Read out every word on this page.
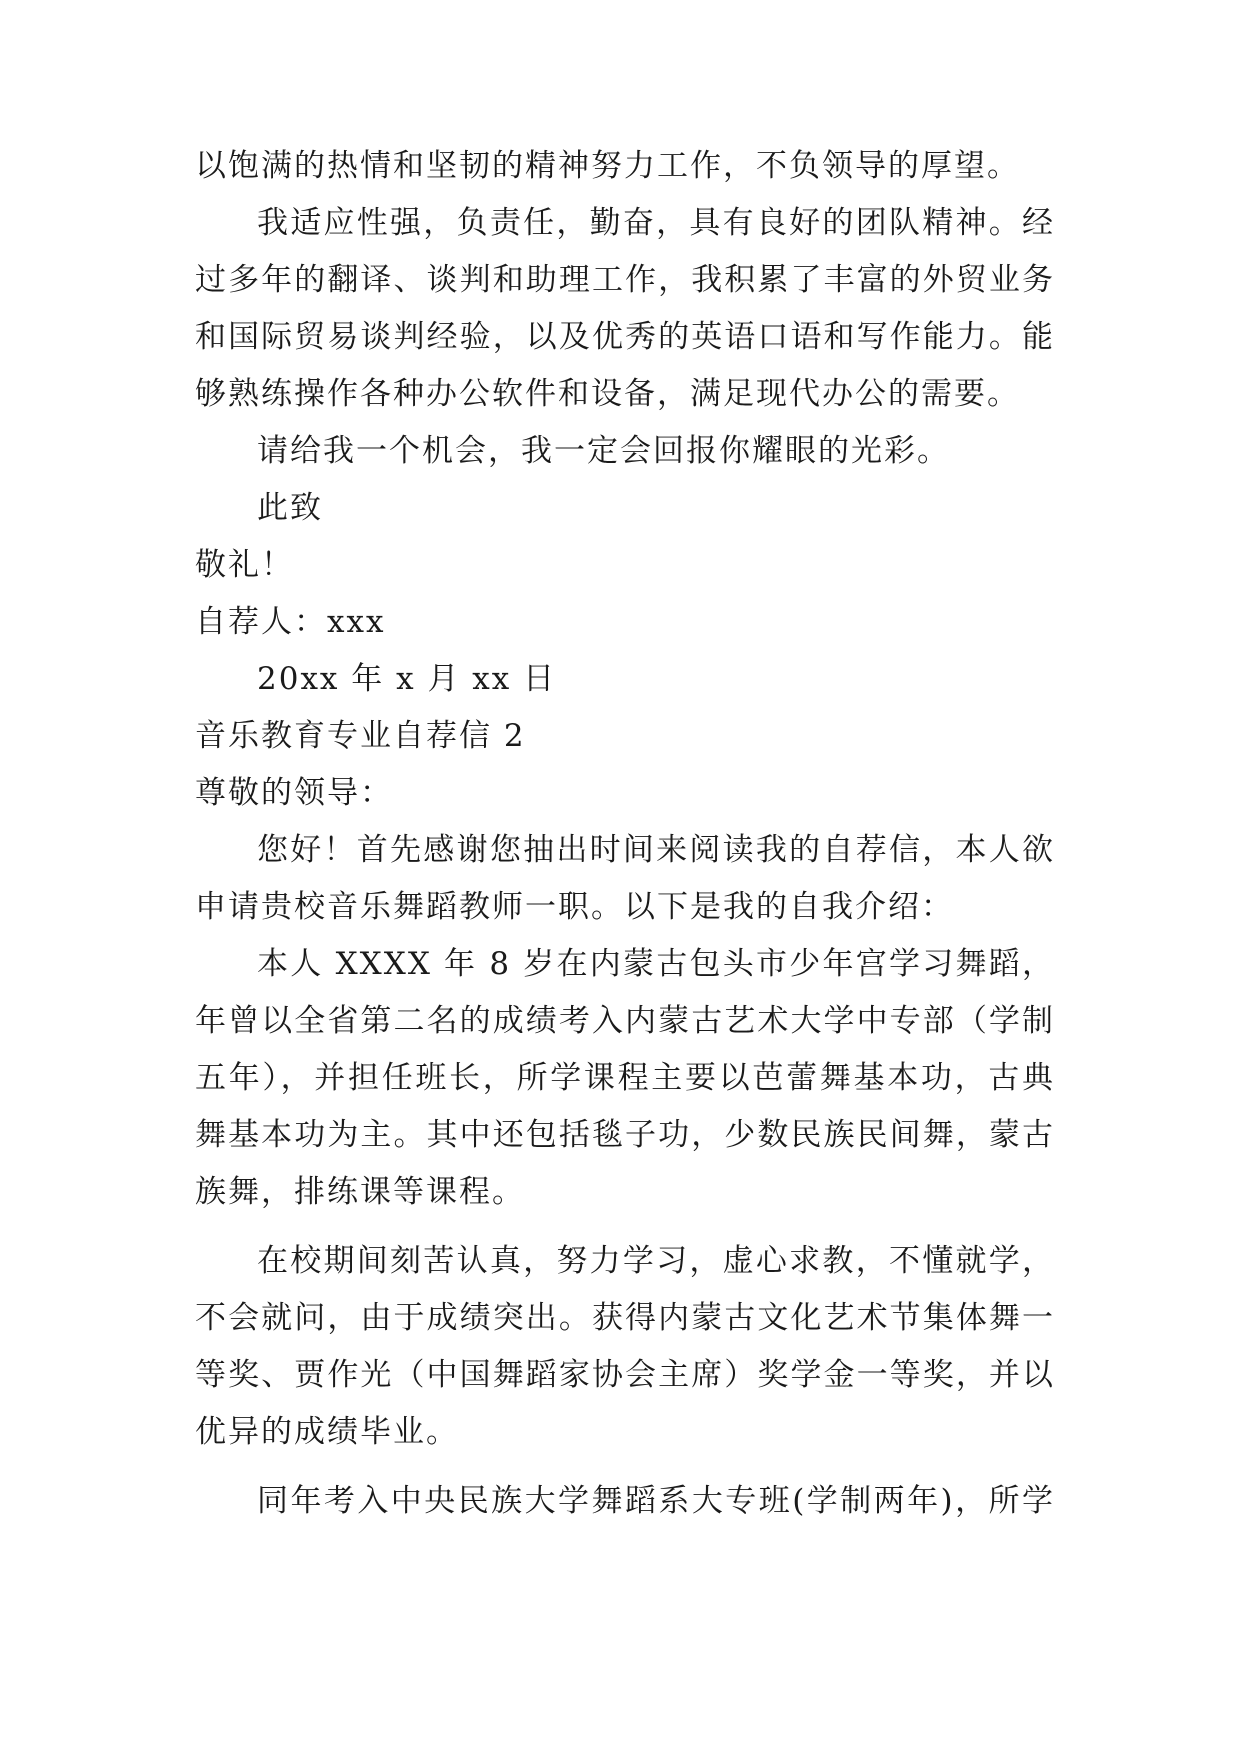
以饱满的热情和坚韧的精神努力工作，不负领导的厚望。
我适应性强，负责任，勤奋，具有良好的团队精神。经
过多年的翻译、谈判和助理工作，我积累了丰富的外贸业务
和国际贸易谈判经验，以及优秀的英语口语和写作能力。能
够熟练操作各种办公软件和设备，满足现代办公的需要。
请给我一个机会，我一定会回报你耀眼的光彩。
此致
敬礼！
自荐人：xxx
20xx 年 x 月 xx 日
音乐教育专业自荐信 2
尊敬的领导：
您好！首先感谢您抽出时间来阅读我的自荐信，本人欲
申请贵校音乐舞蹈教师一职。以下是我的自我介绍：
本人 XXXX 年 8 岁在内蒙古包头市少年宫学习舞蹈，
年曾以全省第二名的成绩考入内蒙古艺术大学中专部（学制
五年），并担任班长，所学课程主要以芭蕾舞基本功，古典
舞基本功为主。其中还包括毯子功，少数民族民间舞，蒙古
族舞，排练课等课程。
在校期间刻苦认真，努力学习，虚心求教，不懂就学，
不会就问，由于成绩突出。获得内蒙古文化艺术节集体舞一
等奖、贾作光（中国舞蹈家协会主席）奖学金一等奖，并以
优异的成绩毕业。
同年考入中央民族大学舞蹈系大专班(学制两年)，所学
